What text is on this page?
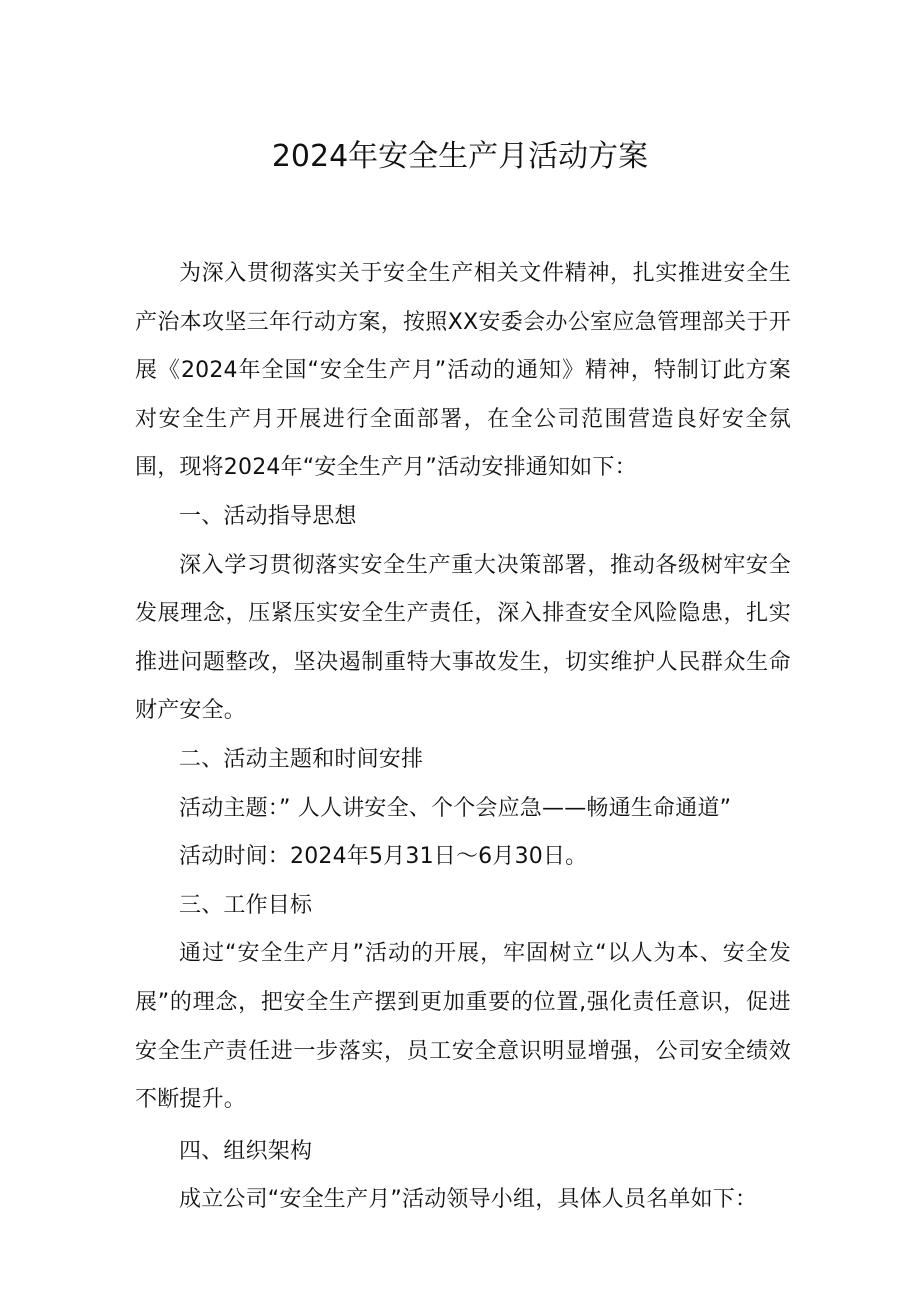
2024年安全生产月活动方案

为深入贯彻落实关于安全生产相关文件精神，扎实推进安全生产治本攻坚三年行动方案，按照XX安委会办公室应急管理部关于开展《2024年全国“安全生产月”活动的通知》精神，特制订此方案对安全生产月开展进行全面部署，在全公司范围营造良好安全氛围，现将2024年“安全生产月”活动安排通知如下：

一、活动指导思想

深入学习贯彻落实安全生产重大决策部署，推动各级树牢安全发展理念，压紧压实安全生产责任，深入排查安全风险隐患，扎实推进问题整改，坚决遏制重特大事故发生，切实维护人民群众生命财产安全。

二、活动主题和时间安排

活动主题：” 人人讲安全、个个会应急——畅通生命通道”

活动时间：2024年5月31日〜6月30日。

三、工作目标

通过“安全生产月”活动的开展，牢固树立“以人为本、安全发展”的理念，把安全生产摆到更加重要的位置,强化责任意识，促进安全生产责任进一步落实，员工安全意识明显增强，公司安全绩效不断提升。

四、组织架构

成立公司“安全生产月”活动领导小组，具体人员名单如下：
